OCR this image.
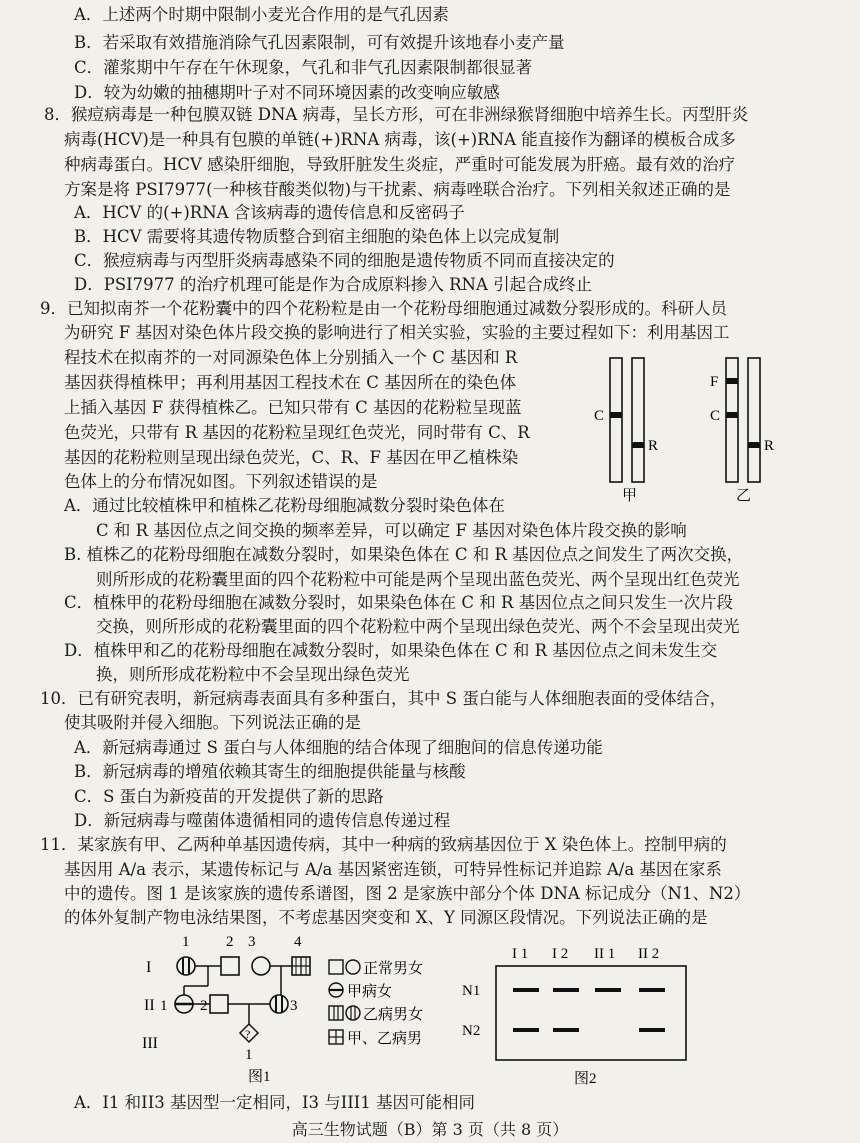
A．上述两个时期中限制小麦光合作用的是气孔因素
B．若采取有效措施消除气孔因素限制，可有效提升该地春小麦产量
C．灌浆期中午存在午休现象，气孔和非气孔因素限制都很显著
D．较为幼嫩的抽穗期叶子对不同环境因素的改变响应敏感
8．猴痘病毒是一种包膜双链 DNA 病毒，呈长方形，可在非洲绿猴肾细胞中培养生长。丙型肝炎
病毒(HCV)是一种具有包膜的单链(+)RNA 病毒，该(+)RNA 能直接作为翻译的模板合成多
种病毒蛋白。HCV 感染肝细胞，导致肝脏发生炎症，严重时可能发展为肝癌。最有效的治疗
方案是将 PSI7977(一种核苷酸类似物)与干扰素、病毒唑联合治疗。下列相关叙述正确的是
A．HCV 的(+)RNA 含该病毒的遗传信息和反密码子
B．HCV 需要将其遗传物质整合到宿主细胞的染色体上以完成复制
C．猴痘病毒与丙型肝炎病毒感染不同的细胞是遗传物质不同而直接决定的
D．PSI7977 的治疗机理可能是作为合成原料掺入 RNA 引起合成终止
9．已知拟南芥一个花粉囊中的四个花粉粒是由一个花粉母细胞通过减数分裂形成的。科研人员
为研究 F 基因对染色体片段交换的影响进行了相关实验，实验的主要过程如下：利用基因工
程技术在拟南芥的一对同源染色体上分别插入一个 C 基因和 R
基因获得植株甲；再利用基因工程技术在 C 基因所在的染色体
上插入基因 F 获得植株乙。已知只带有 C 基因的花粉粒呈现蓝
色荧光，只带有 R 基因的花粉粒呈现红色荧光，同时带有 C、R
基因的花粉粒则呈现出绿色荧光，C、R、F 基因在甲乙植株染
色体上的分布情况如图。下列叙述错误的是
A．通过比较植株甲和植株乙花粉母细胞减数分裂时染色体在
C 和 R 基因位点之间交换的频率差异，可以确定 F 基因对染色体片段交换的影响
B. 植株乙的花粉母细胞在减数分裂时，如果染色体在 C 和 R 基因位点之间发生了两次交换，
则所形成的花粉囊里面的四个花粉粒中可能是两个呈现出蓝色荧光、两个呈现出红色荧光
C．植株甲的花粉母细胞在减数分裂时，如果染色体在 C 和 R 基因位点之间只发生一次片段
交换，则所形成的花粉囊里面的四个花粉粒中两个呈现出绿色荧光、两个不会呈现出荧光
D．植株甲和乙的花粉母细胞在减数分裂时，如果染色体在 C 和 R 基因位点之间未发生交
换，则所形成花粉粒中不会呈现出绿色荧光
C
R
甲
F
C
R
乙
10．已有研究表明，新冠病毒表面具有多种蛋白，其中 S 蛋白能与人体细胞表面的受体结合，
使其吸附并侵入细胞。下列说法正确的是
A．新冠病毒通过 S 蛋白与人体细胞的结合体现了细胞间的信息传递功能
B．新冠病毒的增殖依赖其寄生的细胞提供能量与核酸
C．S 蛋白为新疫苗的开发提供了新的思路
D．新冠病毒与噬菌体遗循相同的遗传信息传递过程
11．某家族有甲、乙两种单基因遗传病，其中一种病的致病基因位于 X 染色体上。控制甲病的
基因用 A/a 表示，某遗传标记与 A/a 基因紧密连锁，可特异性标记并追踪 A/a 基因在家系
中的遗传。图 1 是该家族的遗传系谱图，图 2 是家族中部分个体 DNA 标记成分（N1、N2）
的体外复制产物电泳结果图，不考虑基因突变和 X、Y 同源区段情况。下列说法正确的是
I
II
III
1 2 3	4
1 2	3
?
1
正常男女
甲病女
乙病男女
甲、乙病男
图1
I 1 I 2 II 1 II 2
N1
N2
图2
A．I1 和II3 基因型一定相同，I3 与III1 基因可能相同
高三生物试题（B）第 3 页（共 8 页）
